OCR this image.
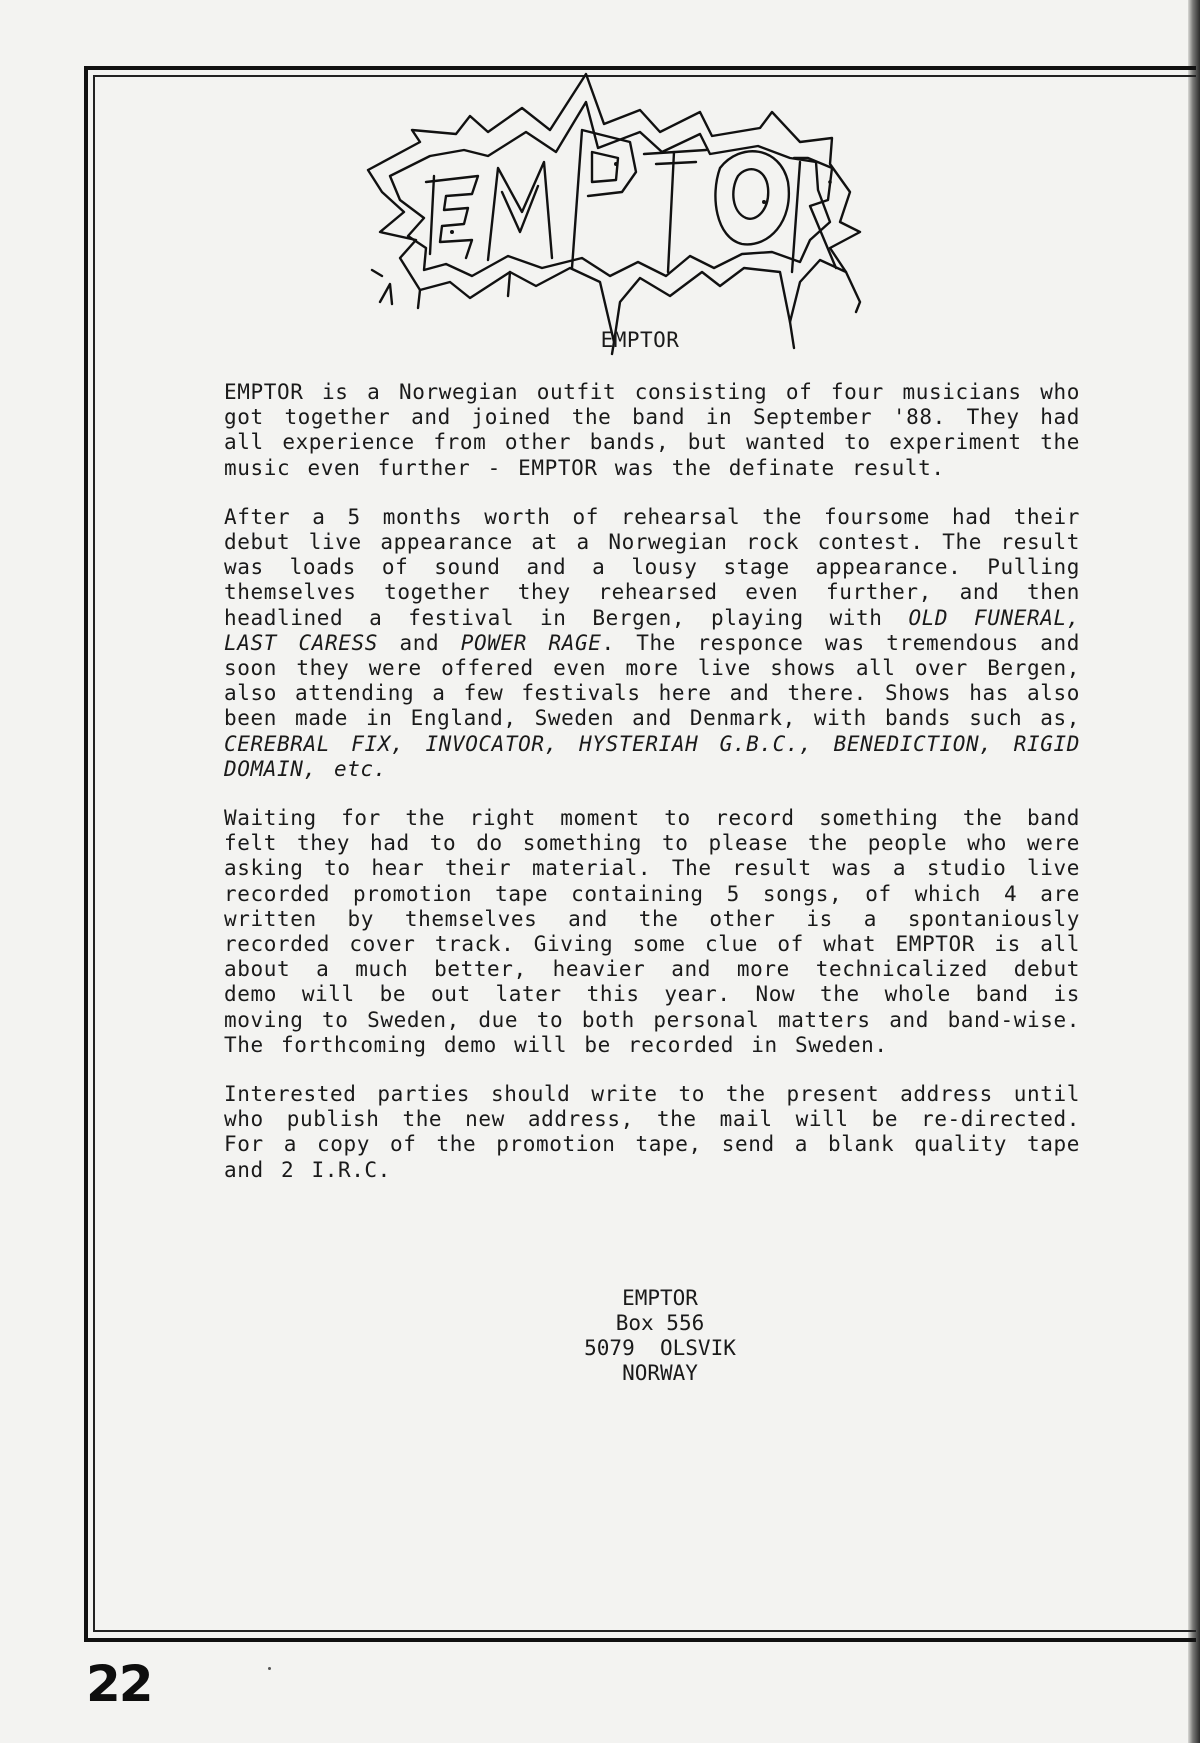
EMPTOR

EMPTOR is a Norwegian outfit consisting of four musicians who got together and joined the band in September '88. They had all experience from other bands, but wanted to experiment the music even further - EMPTOR was the definate result.

After a 5 months worth of rehearsal the foursome had their debut live appearance at a Norwegian rock contest. The result was loads of sound and a lousy stage appearance. Pulling themselves together they rehearsed even further, and then headlined a festival in Bergen, playing with OLD FUNERAL, LAST CARESS and POWER RAGE. The responce was tremendous and soon they were offered even more live shows all over Bergen, also attending a few festivals here and there. Shows has also been made in England, Sweden and Denmark, with bands such as, CEREBRAL FIX, INVOCATOR, HYSTERIAH G.B.C., BENEDICTION, RIGID DOMAIN, etc.

Waiting for the right moment to record something the band felt they had to do something to please the people who were asking to hear their material. The result was a studio live recorded promotion tape containing 5 songs, of which 4 are written by themselves and the other is a spontaniously recorded cover track. Giving some clue of what EMPTOR is all about a much better, heavier and more technicalized debut demo will be out later this year. Now the whole band is moving to Sweden, due to both personal matters and band-wise. The forthcoming demo will be recorded in Sweden.

Interested parties should write to the present address until who publish the new address, the mail will be re-directed. For a copy of the promotion tape, send a blank quality tape and 2 I.R.C.

EMPTOR
Box 556
5079  OLSVIK
NORWAY
22
